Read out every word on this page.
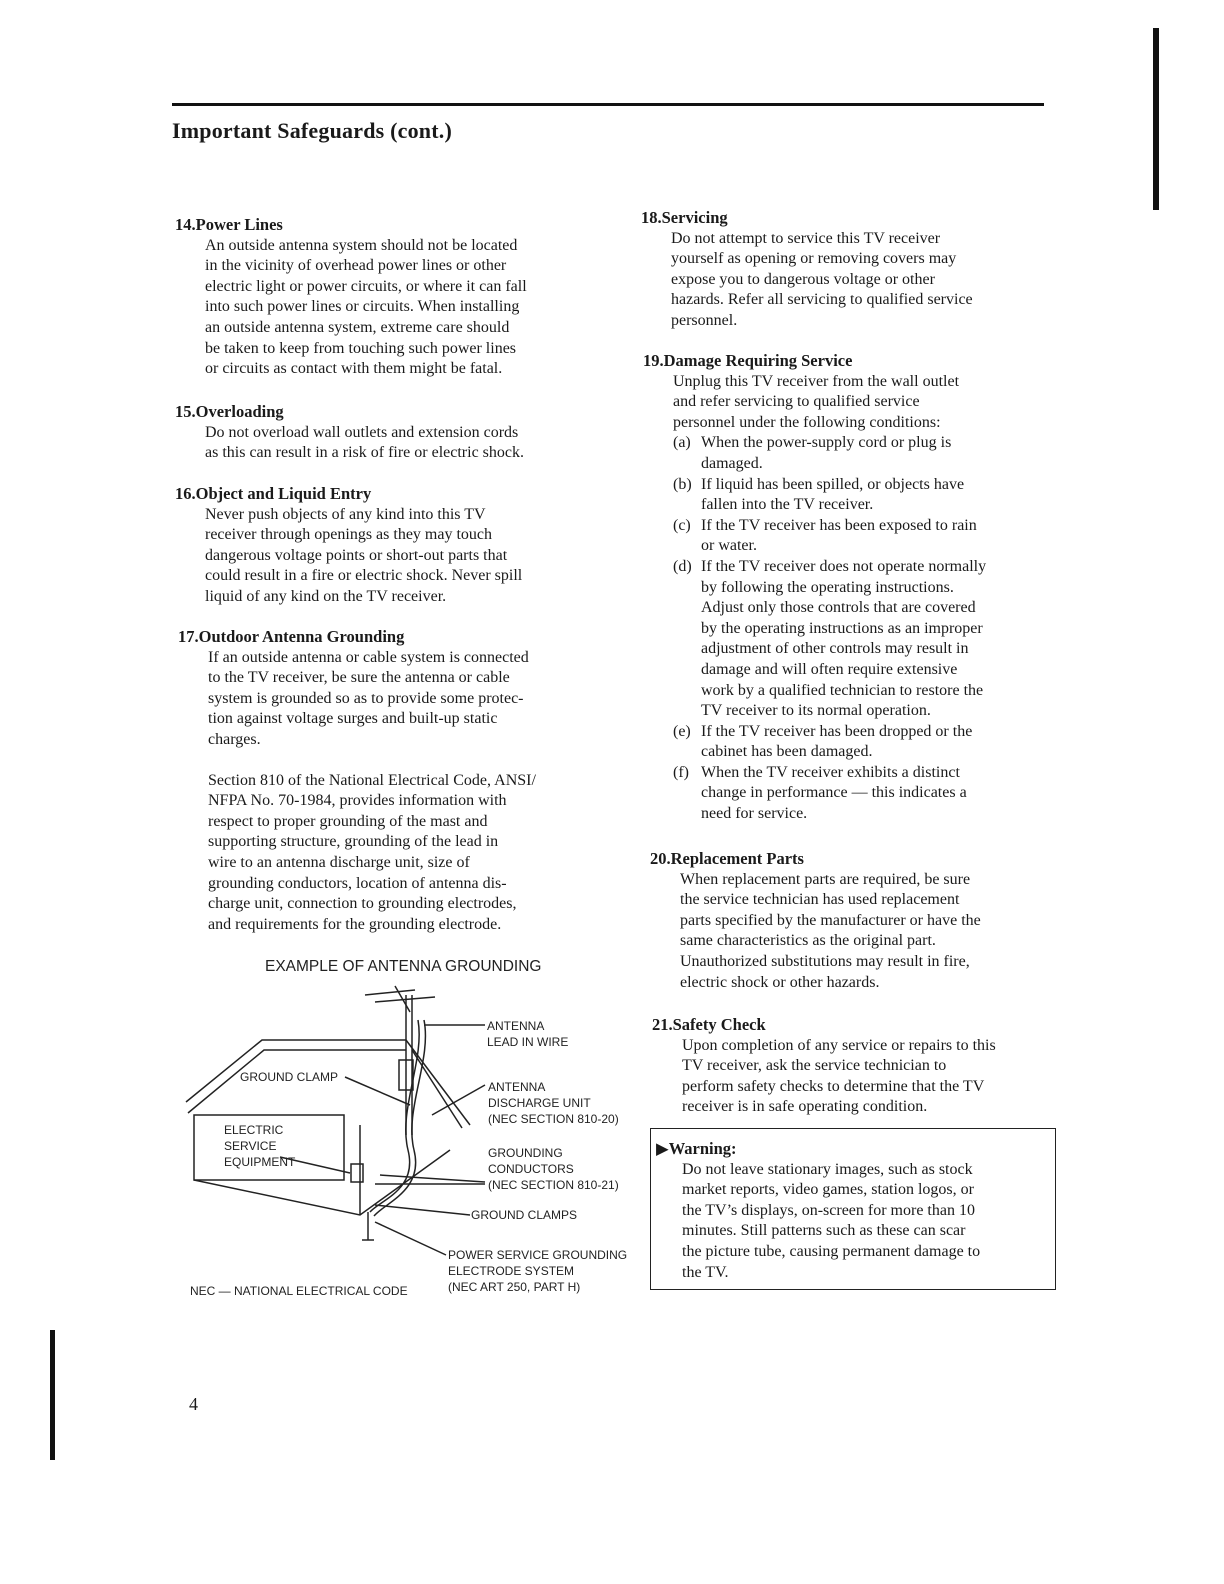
Important Safeguards (cont.)
14.Power Lines

An outside antenna system should not be located

in the vicinity of overhead power lines or other

electric light or power circuits, or where it can fall

into such power lines or circuits. When installing

an outside antenna system, extreme care should

be taken to keep from touching such power lines

or circuits as contact with them might be fatal.

15.Overloading

Do not overload wall outlets and extension cords

as this can result in a risk of fire or electric shock.

16.Object and Liquid Entry

Never push objects of any kind into this TV

receiver through openings as they may touch

dangerous voltage points or short-out parts that

could result in a fire or electric shock. Never spill

liquid of any kind on the TV receiver.

17.Outdoor Antenna Grounding

If an outside antenna or cable system is connected

to the TV receiver, be sure the antenna or cable

system is grounded so as to provide some protec-

tion against voltage surges and built-up static

charges.

Section 810 of the National Electrical Code, ANSI/

NFPA No. 70-1984, provides information with

respect to proper grounding of the mast and

supporting structure, grounding of the lead in

wire to an antenna discharge unit, size of

grounding conductors, location of antenna dis-

charge unit, connection to grounding electrodes,

and requirements for the grounding electrode.

EXAMPLE OF ANTENNA GROUNDING
ANTENNA LEAD IN WIRE
GROUND CLAMP
ANTENNA DISCHARGE UNIT (NEC SECTION 810-20)
ELECTRIC SERVICE EQUIPMENT
GROUNDING CONDUCTORS (NEC SECTION 810-21)
GROUND CLAMPS
POWER SERVICE GROUNDING ELECTRODE SYSTEM (NEC ART 250, PART H)
NEC — NATIONAL ELECTRICAL CODE
18.Servicing

Do not attempt to service this TV receiver

yourself as opening or removing covers may

expose you to dangerous voltage or other

hazards. Refer all servicing to qualified service

personnel.

19.Damage Requiring Service

Unplug this TV receiver from the wall outlet

and refer servicing to qualified service

personnel under the following conditions:

(a) When the power-supply cord or plug is

damaged.

(b) If liquid has been spilled, or objects have

fallen into the TV receiver.

(c) If the TV receiver has been exposed to rain

or water.

(d) If the TV receiver does not operate normally

by following the operating instructions.

Adjust only those controls that are covered

by the operating instructions as an improper

adjustment of other controls may result in

damage and will often require extensive

work by a qualified technician to restore the

TV receiver to its normal operation.

(e) If the TV receiver has been dropped or the

cabinet has been damaged.

(f) When the TV receiver exhibits a distinct

change in performance — this indicates a

need for service.

20.Replacement Parts

When replacement parts are required, be sure

the service technician has used replacement

parts specified by the manufacturer or have the

same characteristics as the original part.

Unauthorized substitutions may result in fire,

electric shock or other hazards.

21.Safety Check

Upon completion of any service or repairs to this

TV receiver, ask the service technician to

perform safety checks to determine that the TV

receiver is in safe operating condition.

▶Warning:

Do not leave stationary images, such as stock

market reports, video games, station logos, or

the TV’s displays, on-screen for more than 10

minutes. Still patterns such as these can scar

the picture tube, causing permanent damage to

the TV.

4
